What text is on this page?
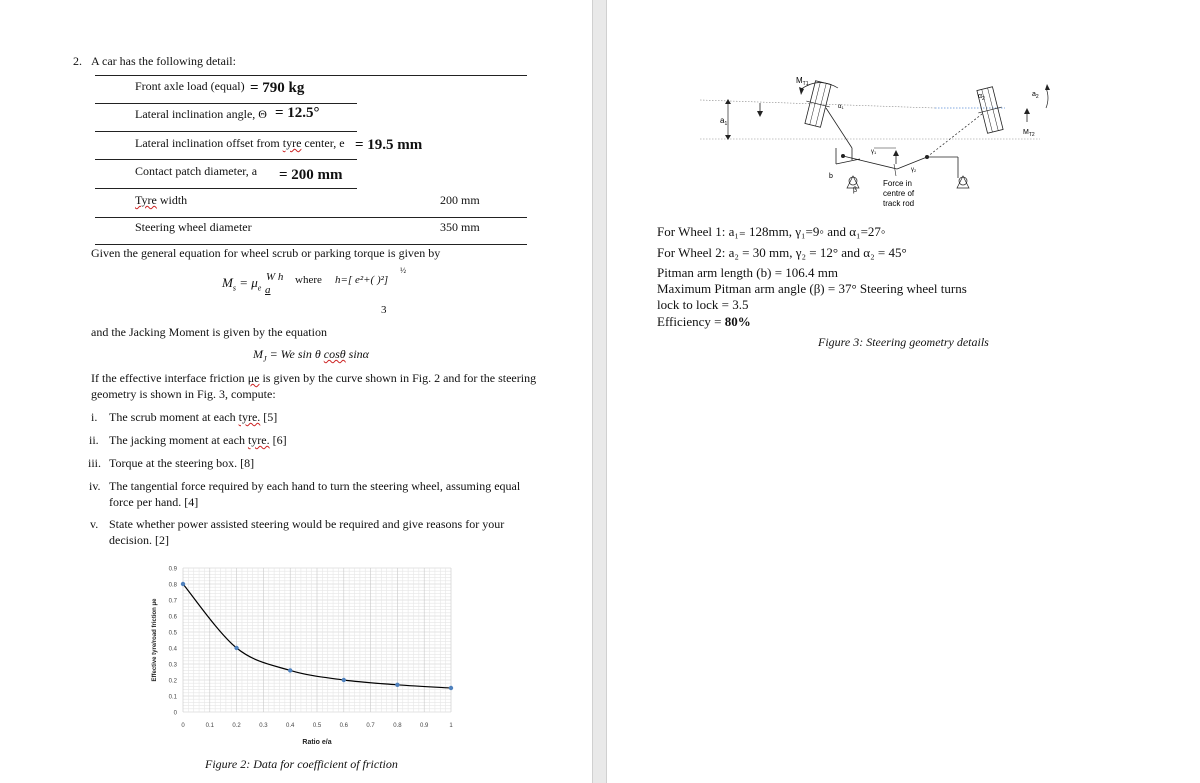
2. A car has the following detail:
Front axle load (equal) = 790 kg
Lateral inclination angle, Θ = 12.5°
Lateral inclination offset from tyre center, e = 19.5 mm
Contact patch diameter, a = 200 mm
Tyre width	200 mm
Steering wheel diameter	350 mm
Given the general equation for wheel scrub or parking torque is given by
$M_s = \mu_e$
W h
a
where h=[ e²+( )²]
½
3
and the Jacking Moment is given by the equation
$M_J = We$ sin θ cosθ sinα
If the effective interface friction μe is given by the curve shown in Fig. 2 and for the steering
geometry is shown in Fig. 3, compute:
i. The scrub moment at each tyre. [5]
ii. The jacking moment at each tyre. [6]
iii. Torque at the steering box. [8]
iv. The tangential force required by each hand to turn the steering wheel, assuming equal
force per hand. [4]
v. State whether power assisted steering would be required and give reasons for your
decision. [2]
0
0.1
0.2
0.3
0.4
0.5
0.6
0.7
0.8
0.9
0	0.1	0.2	0.3	0.4	0.5	0.6	0.7	0.8	0.9	1
Ratio e/a
Effective tyre/road friction μe
Figure 2: Data for coefficient of friction
$M_{T1}$
$a_1$
α1
$\alpha_2$
$a_2$
$M_{T2}$
γ1
γ2
b
β
Force in
centre of
track rod
For Wheel 1: a₁₌ 128mm, γ₁=9◦ and α₁=27◦
For Wheel 2: a₂ = 30 mm, γ₂ = 12° and α₂ = 45°
Pitman arm length (b) = 106.4 mm
Maximum Pitman arm angle (β) = 37° Steering wheel turns
lock to lock = 3.5
Efficiency = 80%
Figure 3: Steering geometry details
